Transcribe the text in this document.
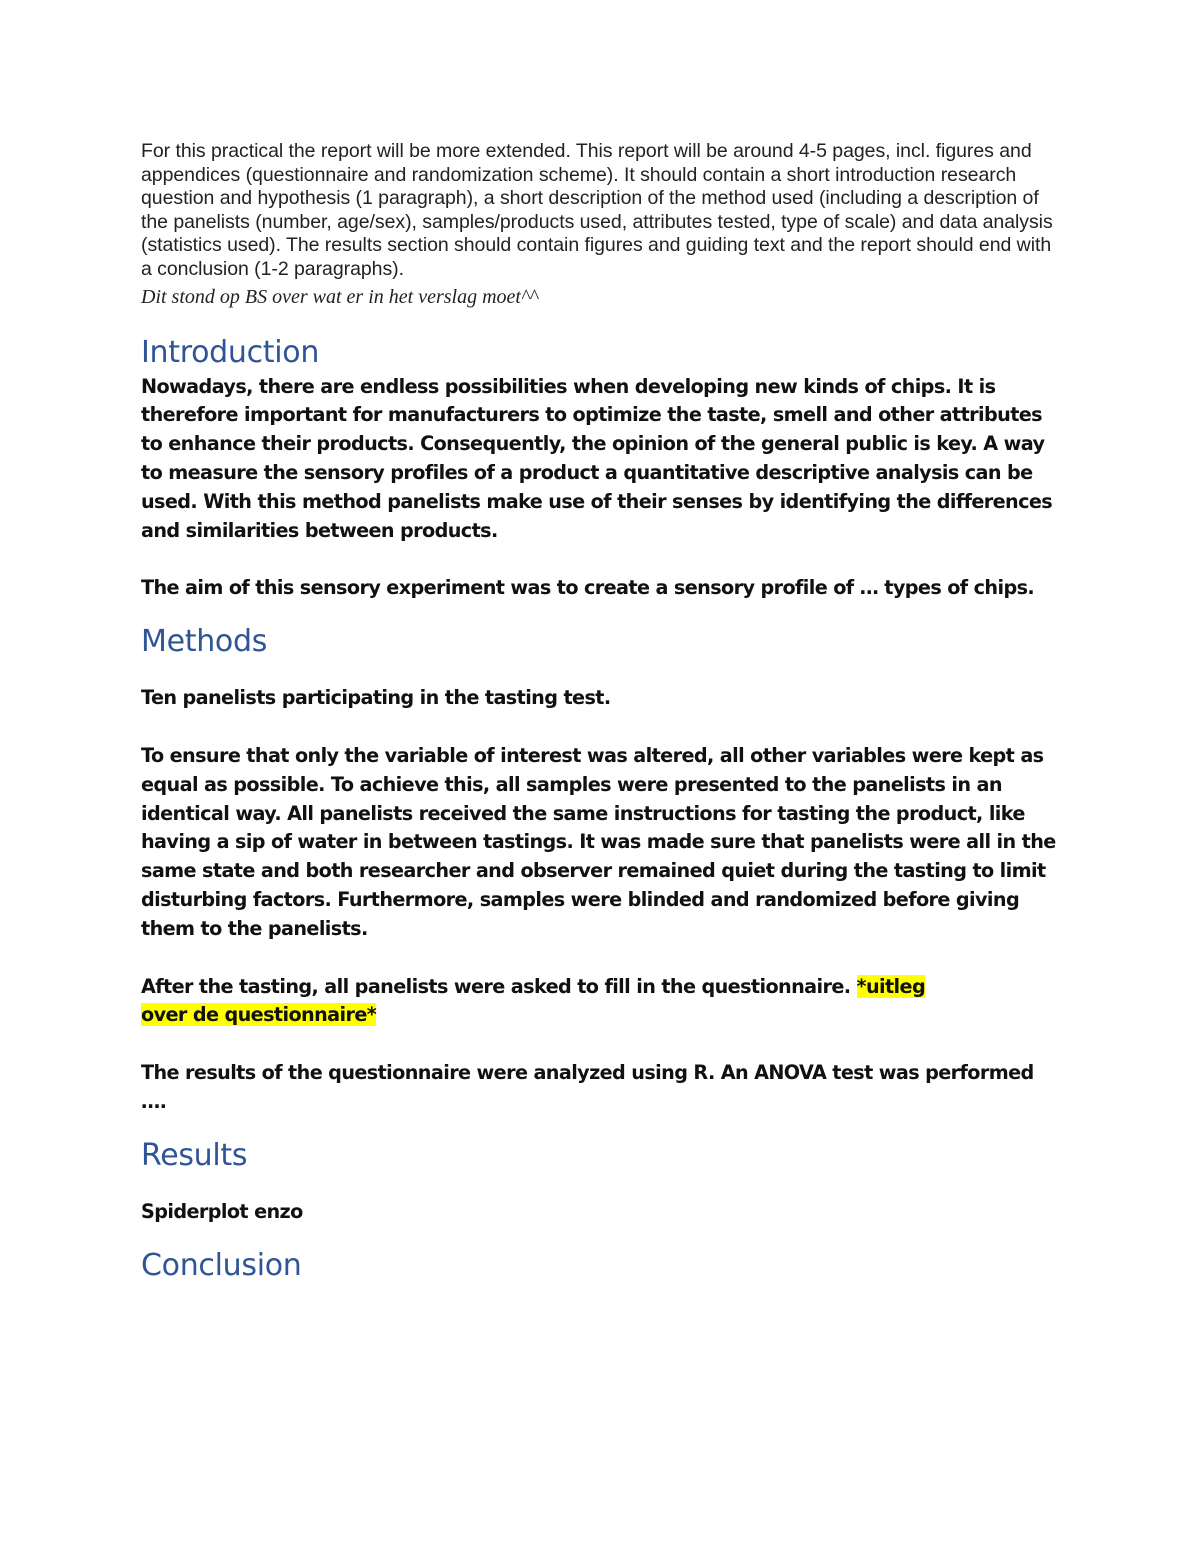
For this practical the report will be more extended. This report will be around 4-5 pages, incl. figures and appendices (questionnaire and randomization scheme). It should contain a short introduction research question and hypothesis (1 paragraph), a short description of the method used (including a description of the panelists (number, age/sex), samples/products used, attributes tested, type of scale) and data analysis (statistics used). The results section should contain figures and guiding text and the report should end with a conclusion (1-2 paragraphs).

Dit stond op BS over wat er in het verslag moet^^

Introduction

Nowadays, there are endless possibilities when developing new kinds of chips. It is therefore important for manufacturers to optimize the taste, smell and other attributes to enhance their products. Consequently, the opinion of the general public is key. A way to measure the sensory profiles of a product a quantitative descriptive analysis can be used. With this method panelists make use of their senses by identifying the differences and similarities between products.

The aim of this sensory experiment was to create a sensory profile of … types of chips.

Methods

Ten panelists participating in the tasting test.

To ensure that only the variable of interest was altered, all other variables were kept as equal as possible. To achieve this, all samples were presented to the panelists in an identical way. All panelists received the same instructions for tasting the product, like having a sip of water in between tastings. It was made sure that panelists were all in the same state and both researcher and observer remained quiet during the tasting to limit disturbing factors. Furthermore, samples were blinded and randomized before giving them to the panelists.

After the tasting, all panelists were asked to fill in the questionnaire. *uitleg over de questionnaire*

The results of the questionnaire were analyzed using R. An ANOVA test was performed ….

Results

Spiderplot enzo

Conclusion
